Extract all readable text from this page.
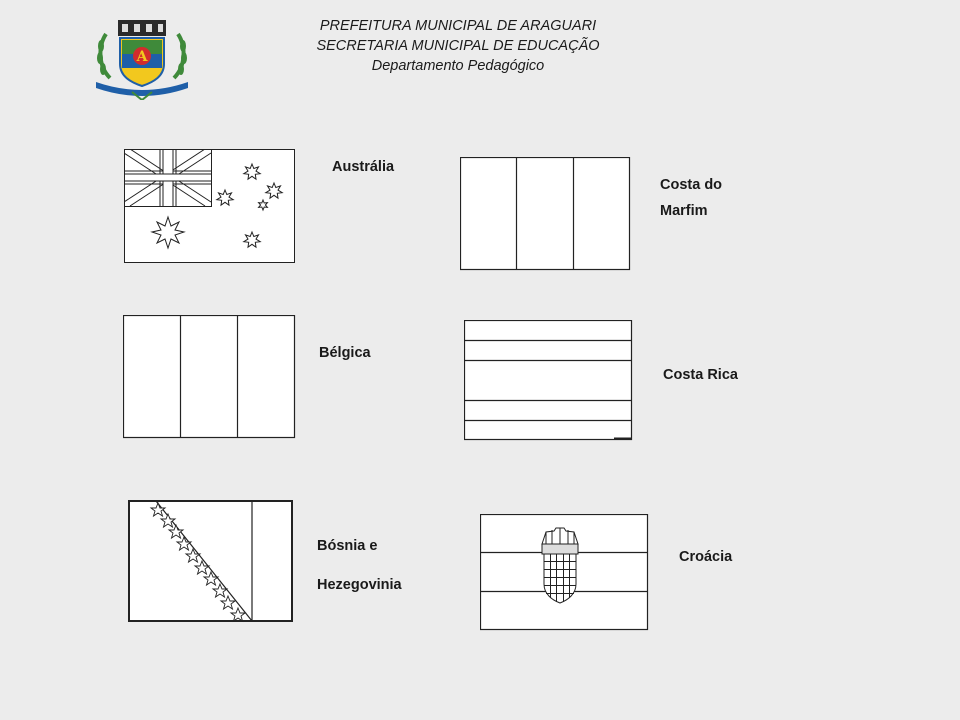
PREFEITURA MUNICIPAL DE ARAGUARI
SECRETARIA MUNICIPAL DE EDUCAÇÃO
Departamento Pedagógico
A
Austrália
Costa do
Marfim
Bélgica
Costa Rica
Bósnia e
Hezegovinia
Croácia
